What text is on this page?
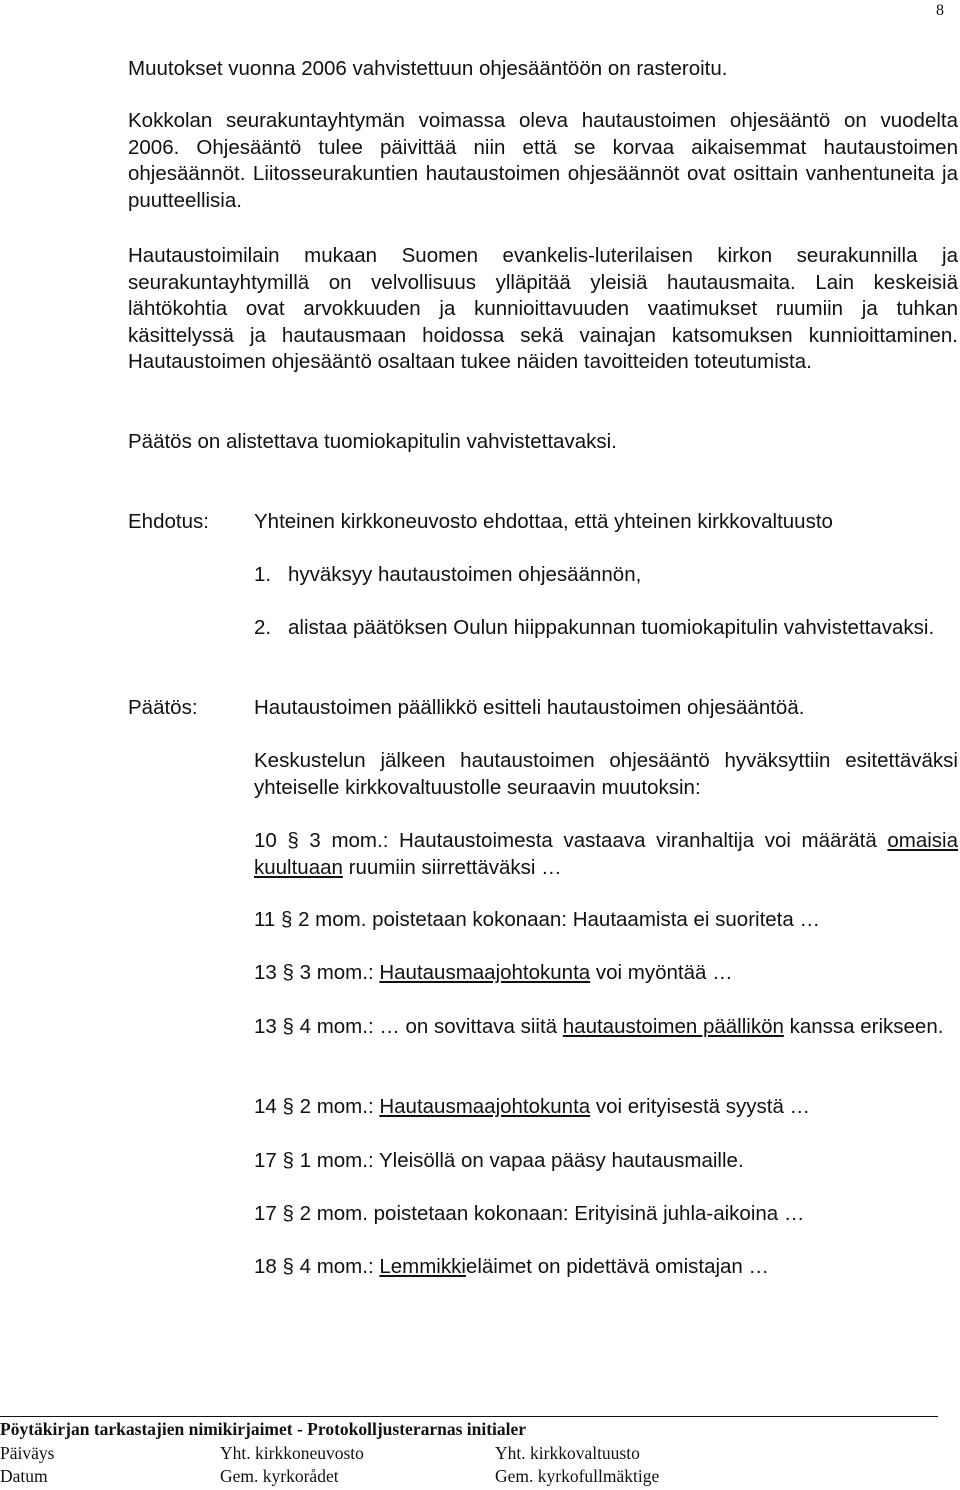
8

Muutokset vuonna 2006 vahvistettuun ohjesääntöön on rasteroitu.

Kokkolan seurakuntayhtymän voimassa oleva hautaustoimen ohjesääntö on vuodelta 2006. Ohjesääntö tulee päivittää niin että se korvaa aikaisemmat hautaustoimen ohjesäännöt. Liitosseurakuntien hautaustoimen ohjesäännöt ovat osittain vanhentuneita ja puutteellisia.

Hautaustoimilain mukaan Suomen evankelis-luterilaisen kirkon seurakunnilla ja seurakuntayhtymillä on velvollisuus ylläpitää yleisiä hautausmaita. Lain keskeisiä lähtökohtia ovat arvokkuuden ja kunnioittavuuden vaatimukset ruumiin ja tuhkan käsittelyssä ja hautausmaan hoidossa sekä vainajan katsomuksen kunnioittaminen. Hautaustoimen ohjesääntö osaltaan tukee näiden tavoitteiden toteutumista.

Päätös on alistettava tuomiokapitulin vahvistettavaksi.

Ehdotus: Yhteinen kirkkoneuvosto ehdottaa, että yhteinen kirkkovaltuusto

1. hyväksyy hautaustoimen ohjesäännön,

2. alistaa päätöksen Oulun hiippakunnan tuomiokapitulin vahvistettavaksi.

Päätös:	Hautaustoimen päällikkö esitteli hautaustoimen ohjesääntöä.

Keskustelun jälkeen hautaustoimen ohjesääntö hyväksyttiin esitettäväksi yhteiselle kirkkovaltuustolle seuraavin muutoksin:

10 § 3 mom.: Hautaustoimesta vastaava viranhaltija voi määrätä omaisia kuultuaan ruumiin siirrettäväksi …

11 § 2 mom. poistetaan kokonaan: Hautaamista ei suoriteta …

13 § 3 mom.: Hautausmaajohtokunta voi myöntää …

13 § 4 mom.: … on sovittava siitä hautaustoimen päällikön kanssa erikseen.

14 § 2 mom.: Hautausmaajohtokunta voi erityisestä syystä …

17 § 1 mom.: Yleisöllä on vapaa pääsy hautausmaille.

17 § 2 mom. poistetaan kokonaan: Erityisinä juhla-aikoina …

18 § 4 mom.: Lemmikkieläimet on pidettävä omistajan …

Pöytäkirjan tarkastajien nimikirjaimet - Protokolljusterarnas initialer
Päiväys
Datum
Yht. kirkkoneuvosto
Gem. kyrkorådet
Yht. kirkkovaltuusto
Gem. kyrkofullmäktige
